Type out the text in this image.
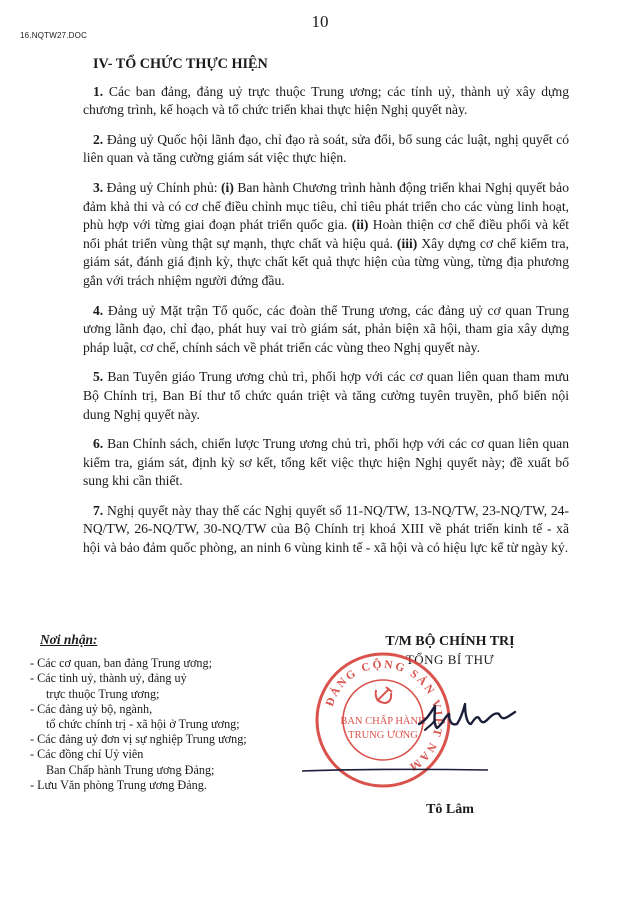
10
16.NQTW27.DOC
IV- TỔ CHỨC THỰC HIỆN

1. Các ban đảng, đảng uỷ trực thuộc Trung ương; các tỉnh uỷ, thành uỷ xây dựng chương trình, kế hoạch và tổ chức triển khai thực hiện Nghị quyết này.

2. Đảng uỷ Quốc hội lãnh đạo, chỉ đạo rà soát, sửa đổi, bổ sung các luật, nghị quyết có liên quan và tăng cường giám sát việc thực hiện.

3. Đảng uỷ Chính phủ: (i) Ban hành Chương trình hành động triển khai Nghị quyết bảo đảm khả thi và có cơ chế điều chỉnh mục tiêu, chỉ tiêu phát triển cho các vùng linh hoạt, phù hợp với từng giai đoạn phát triển quốc gia. (ii) Hoàn thiện cơ chế điều phối và kết nối phát triển vùng thật sự mạnh, thực chất và hiệu quả. (iii) Xây dựng cơ chế kiểm tra, giám sát, đánh giá định kỳ, thực chất kết quả thực hiện của từng vùng, từng địa phương gắn với trách nhiệm người đứng đầu.

4. Đảng uỷ Mặt trận Tổ quốc, các đoàn thể Trung ương, các đảng uỷ cơ quan Trung ương lãnh đạo, chỉ đạo, phát huy vai trò giám sát, phản biện xã hội, tham gia xây dựng pháp luật, cơ chế, chính sách về phát triển các vùng theo Nghị quyết này.

5. Ban Tuyên giáo Trung ương chủ trì, phối hợp với các cơ quan liên quan tham mưu Bộ Chính trị, Ban Bí thư tổ chức quán triệt và tăng cường tuyên truyền, phổ biến nội dung Nghị quyết này.

6. Ban Chính sách, chiến lược Trung ương chủ trì, phối hợp với các cơ quan liên quan kiểm tra, giám sát, định kỳ sơ kết, tổng kết việc thực hiện Nghị quyết này; đề xuất bổ sung khi cần thiết.

7. Nghị quyết này thay thế các Nghị quyết số 11-NQ/TW, 13-NQ/TW, 23-NQ/TW, 24-NQ/TW, 26-NQ/TW, 30-NQ/TW của Bộ Chính trị khoá XIII về phát triển kinh tế - xã hội và bảo đảm quốc phòng, an ninh 6 vùng kinh tế - xã hội và có hiệu lực kể từ ngày ký.

Nơi nhận:
- Các cơ quan, ban đảng Trung ương;
- Các tỉnh uỷ, thành uỷ, đảng uỷ
trực thuộc Trung ương;
- Các đảng uỷ bộ, ngành,
tổ chức chính trị - xã hội ở Trung ương;
- Các đảng uỷ đơn vị sự nghiệp Trung ương;
- Các đồng chí Uỷ viên
Ban Chấp hành Trung ương Đảng;
- Lưu Văn phòng Trung ương Đảng.
T/M BỘ CHÍNH TRỊ
TỔNG BÍ THƯ
ĐẢNG CỘNG SẢN VIỆT NAM
BAN CHẤP HÀNH
TRUNG ƯƠNG
Tô Lâm
